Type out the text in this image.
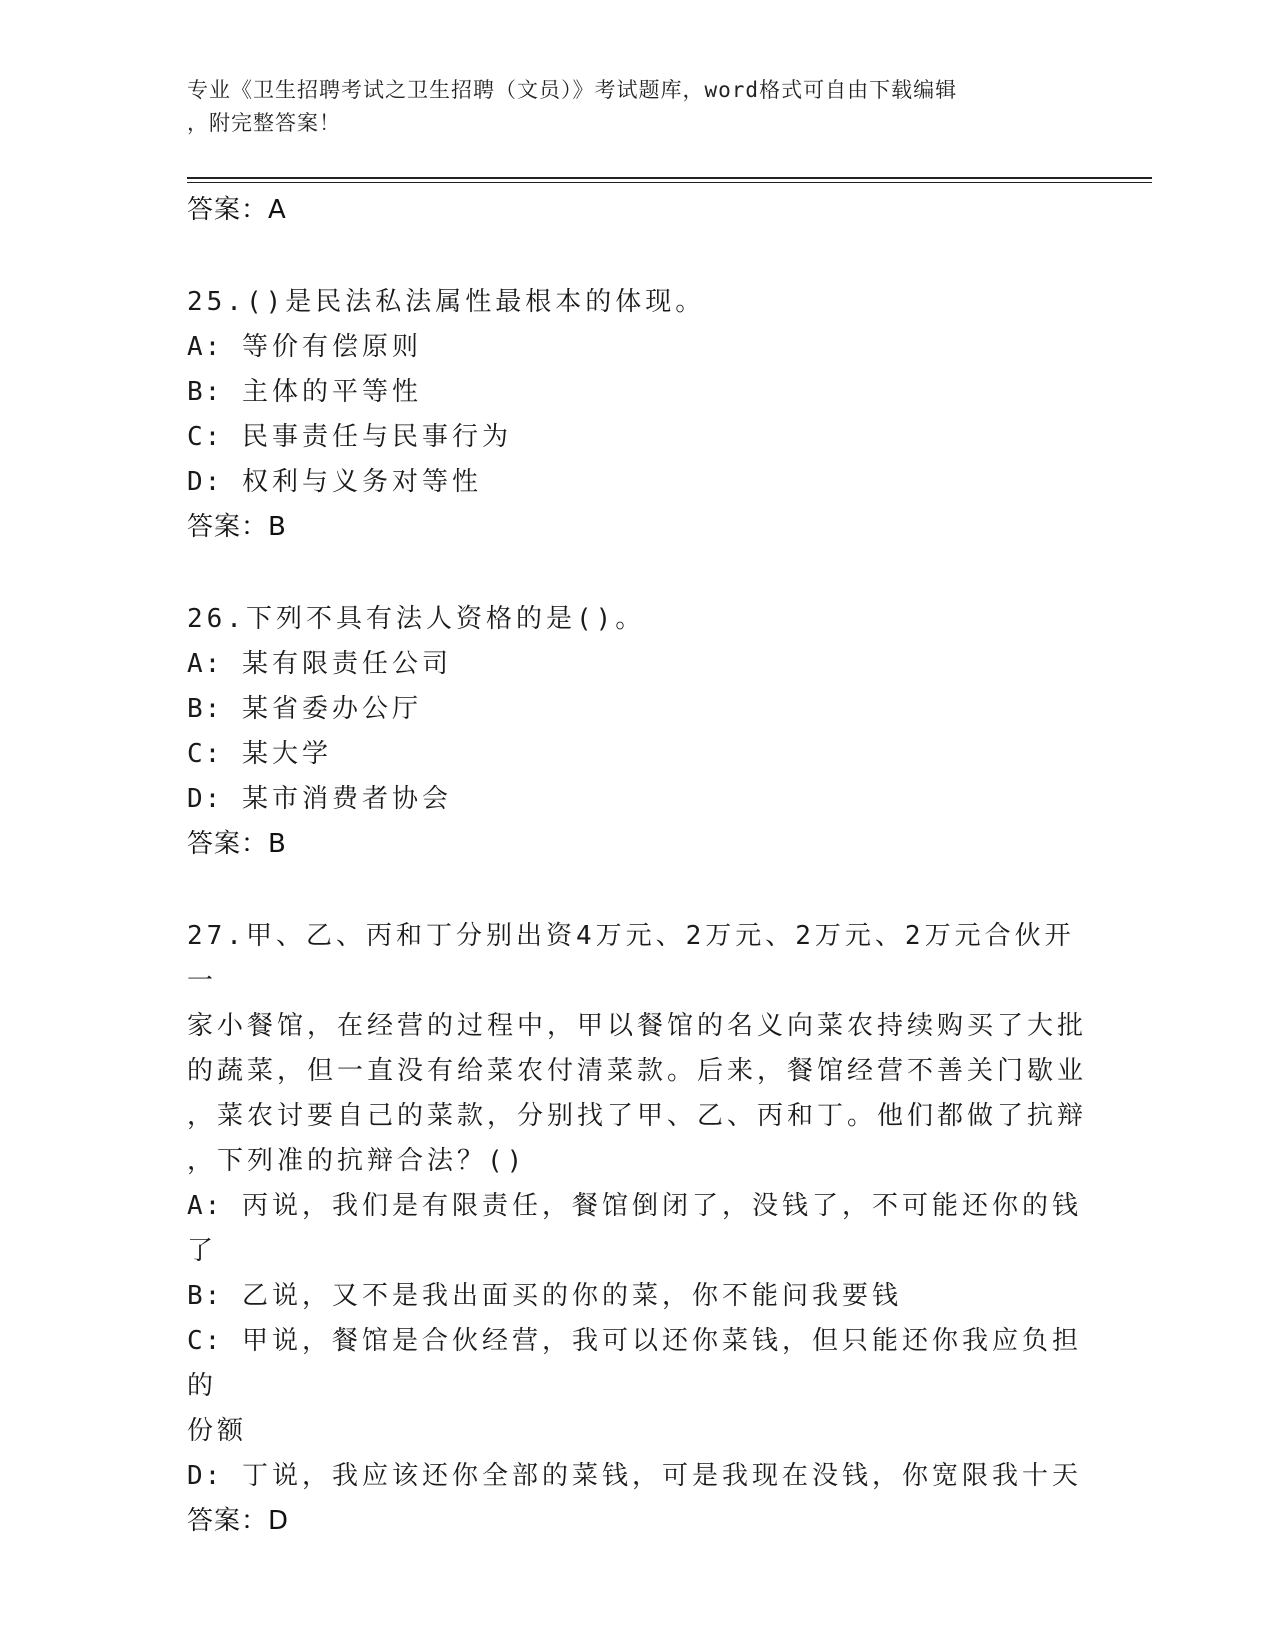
专业《卫生招聘考试之卫生招聘（文员）》考试题库，word格式可自由下载编辑
，附完整答案！
答案：A
25.()是民法私法属性最根本的体现。
A: 等价有偿原则
B: 主体的平等性
C: 民事责任与民事行为
D: 权利与义务对等性
答案：B
26.下列不具有法人资格的是()。
A: 某有限责任公司
B: 某省委办公厅
C: 某大学
D: 某市消费者协会
答案：B
27.甲、乙、丙和丁分别出资4万元、2万元、2万元、2万元合伙开一
家小餐馆，在经营的过程中，甲以餐馆的名义向菜农持续购买了大批
的蔬菜，但一直没有给菜农付清菜款。后来，餐馆经营不善关门歇业
，菜农讨要自己的菜款，分别找了甲、乙、丙和丁。他们都做了抗辩
，下列准的抗辩合法？()
A: 丙说，我们是有限责任，餐馆倒闭了，没钱了，不可能还你的钱了
B: 乙说，又不是我出面买的你的菜，你不能问我要钱
C: 甲说，餐馆是合伙经营，我可以还你菜钱，但只能还你我应负担的
份额
D: 丁说，我应该还你全部的菜钱，可是我现在没钱，你宽限我十天
答案：D
